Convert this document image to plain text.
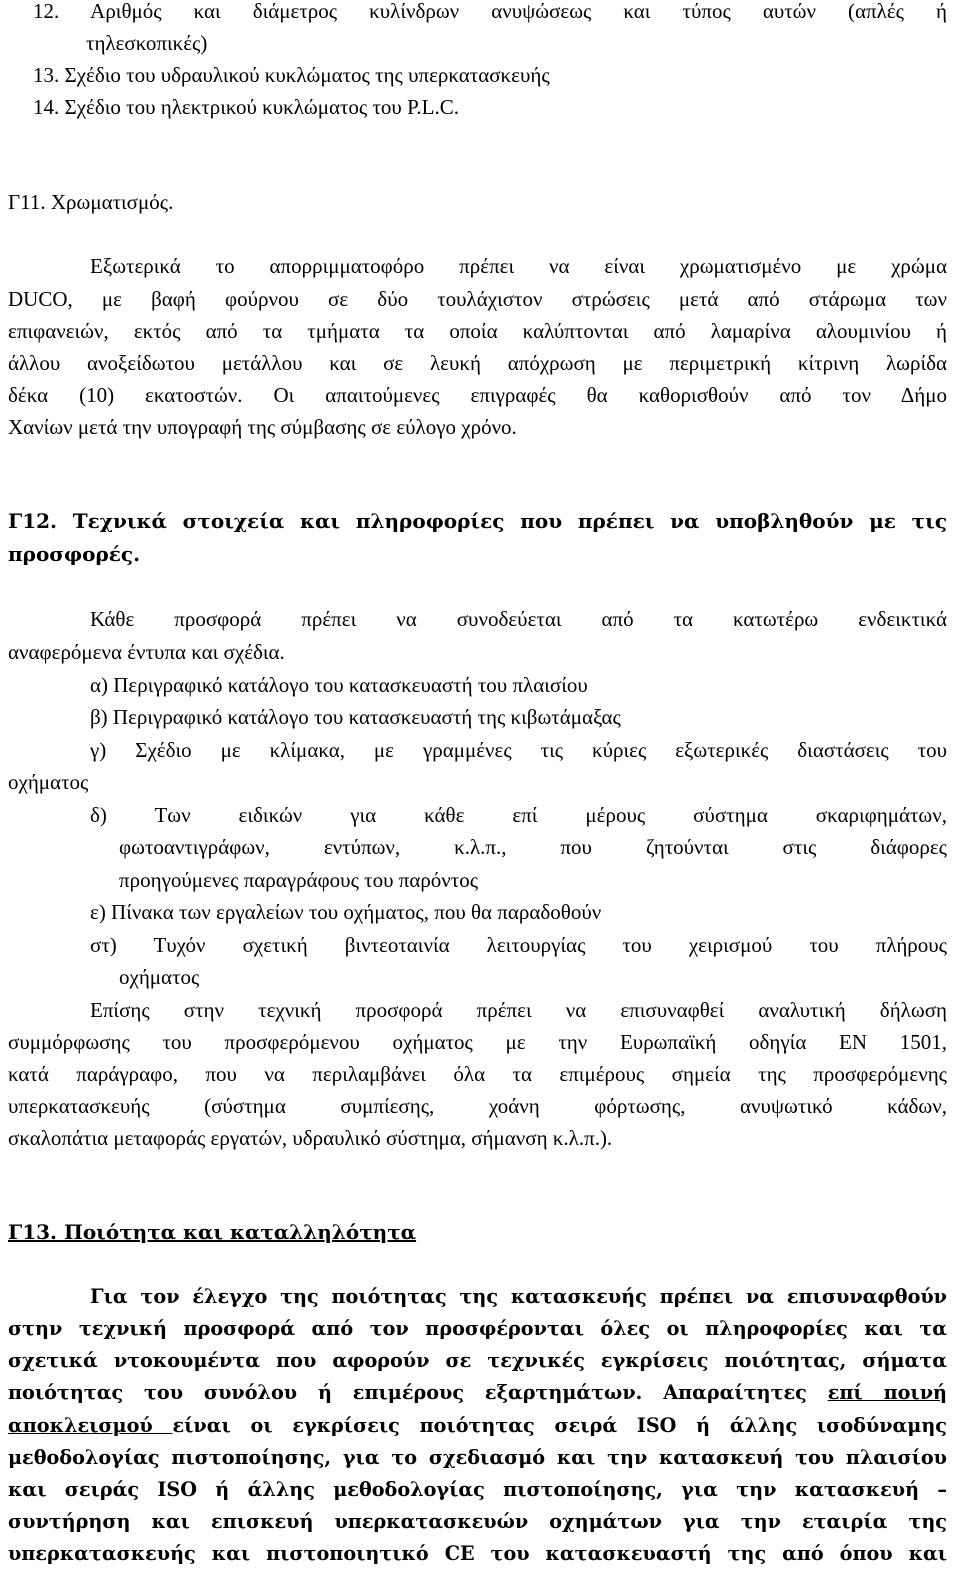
12. Αριθμός και διάμετρος κυλίνδρων ανυψώσεως και τύπος αυτών (απλές ή
τηλεσκοπικές)
13. Σχέδιο του υδραυλικού κυκλώματος της υπερκατασκευής
14. Σχέδιο του ηλεκτρικού κυκλώματος του P.L.C.
Γ11. Χρωματισμός.
Εξωτερικά το απορριμματοφόρο πρέπει να είναι χρωματισμένο με χρώμα
DUCO, με βαφή φούρνου σε δύο τουλάχιστον στρώσεις μετά από στάρωμα των
επιφανειών, εκτός από τα τμήματα τα οποία καλύπτονται από λαμαρίνα αλουμινίου ή
άλλου ανοξείδωτου μετάλλου και σε λευκή απόχρωση με περιμετρική κίτρινη λωρίδα
δέκα (10) εκατοστών. Οι απαιτούμενες επιγραφές θα καθορισθούν από τον Δήμο
Χανίων μετά την υπογραφή της σύμβασης σε εύλογο χρόνο.
Γ12. Τεχνικά στοιχεία και πληροφορίες που πρέπει να υποβληθούν με τις
προσφορές.
Κάθε προσφορά πρέπει να συνοδεύεται από τα κατωτέρω ενδεικτικά
αναφερόμενα έντυπα και σχέδια.
α) Περιγραφικό κατάλογο του κατασκευαστή του πλαισίου
β) Περιγραφικό κατάλογο του κατασκευαστή της κιβωτάμαξας
γ) Σχέδιο με κλίμακα, με γραμμένες τις κύριες εξωτερικές διαστάσεις του
οχήματος
δ) Των ειδικών για κάθε επί μέρους σύστημα σκαριφημάτων,
φωτοαντιγράφων, εντύπων, κ.λ.π., που ζητούνται στις διάφορες
προηγούμενες παραγράφους του παρόντος
ε) Πίνακα των εργαλείων του οχήματος, που θα παραδοθούν
στ) Τυχόν σχετική βιντεοταινία λειτουργίας του χειρισμού του πλήρους
οχήματος
Επίσης στην τεχνική προσφορά πρέπει να επισυναφθεί αναλυτική δήλωση
συμμόρφωσης του προσφερόμενου οχήματος με την Ευρωπαϊκή οδηγία ΕΝ 1501,
κατά παράγραφο, που να περιλαμβάνει όλα τα επιμέρους σημεία της προσφερόμενης
υπερκατασκευής (σύστημα συμπίεσης, χοάνη φόρτωσης, ανυψωτικό κάδων,
σκαλοπάτια μεταφοράς εργατών, υδραυλικό σύστημα, σήμανση κ.λ.π.).
Γ13. Ποιότητα και καταλληλότητα
Για τον έλεγχο της ποιότητας της κατασκευής πρέπει να επισυναφθούν
στην τεχνική προσφορά από τον προσφέρονται όλες οι πληροφορίες και τα
σχετικά ντοκουμέντα που αφορούν σε τεχνικές εγκρίσεις ποιότητας, σήματα
ποιότητας του συνόλου ή επιμέρους εξαρτημάτων. Απαραίτητες επί ποινή
αποκλεισμού είναι οι εγκρίσεις ποιότητας σειρά ISO ή άλλης ισοδύναμης
μεθοδολογίας πιστοποίησης, για το σχεδιασμό και την κατασκευή του πλαισίου
και σειράς ISO ή άλλης μεθοδολογίας πιστοποίησης, για την κατασκευή –
συντήρηση και επισκευή υπερκατασκευών οχημάτων για την εταιρία της
υπερκατασκευής και πιστοποιητικό CE του κατασκευαστή της από όπου και
